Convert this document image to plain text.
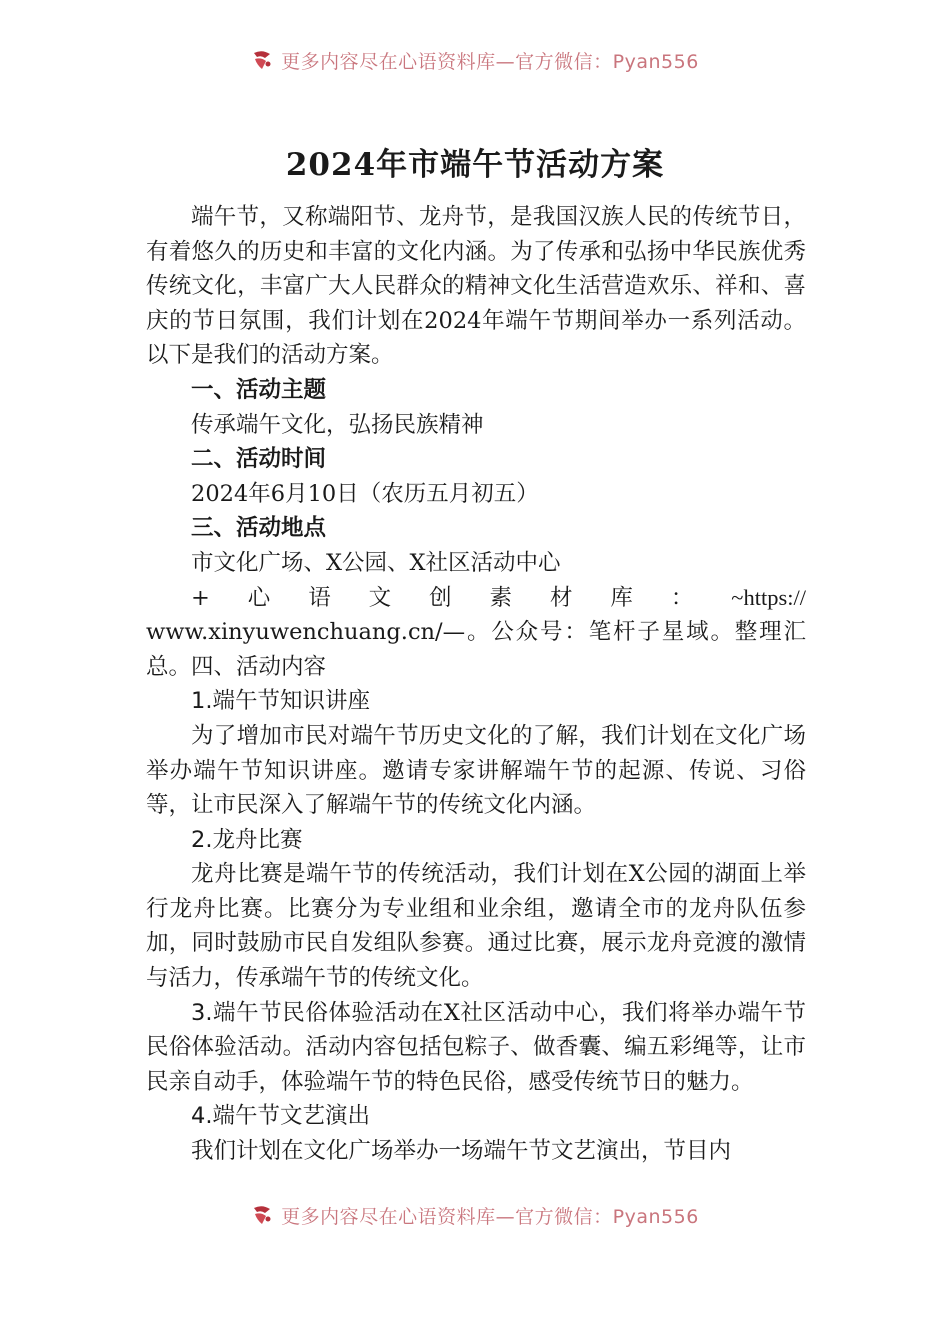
更多内容尽在心语资料库—官方微信：Pyan556
2024年市端午节活动方案

端午节，又称端阳节、龙舟节，是我国汉族人民的传统节日，有着悠久的历史和丰富的文化内涵。为了传承和弘扬中华民族优秀传统文化，丰富广大人民群众的精神文化生活营造欢乐、祥和、喜庆的节日氛围，我们计划在2024年端午节期间举办一系列活动。以下是我们的活动方案。

一、活动主题

传承端午文化，弘扬民族精神

二、活动时间

2024年6月10日（农历五月初五）

三、活动地点

市文化广场、X公园、X社区活动中心

+ 心 语 文 创 素 材 库 ： ~https://

www.xinyuwenchuang.cn/—。公众号：笔杆子星域。整理汇总。四、活动内容

1.端午节知识讲座

为了增加市民对端午节历史文化的了解，我们计划在文化广场举办端午节知识讲座。邀请专家讲解端午节的起源、传说、习俗等，让市民深入了解端午节的传统文化内涵。

2.龙舟比赛

龙舟比赛是端午节的传统活动，我们计划在X公园的湖面上举行龙舟比赛。比赛分为专业组和业余组，邀请全市的龙舟队伍参加，同时鼓励市民自发组队参赛。通过比赛，展示龙舟竞渡的激情与活力，传承端午节的传统文化。

3.端午节民俗体验活动在X社区活动中心，我们将举办端午节民俗体验活动。活动内容包括包粽子、做香囊、编五彩绳等，让市民亲自动手，体验端午节的特色民俗，感受传统节日的魅力。

4.端午节文艺演出

我们计划在文化广场举办一场端午节文艺演出，节目内

更多内容尽在心语资料库—官方微信：Pyan556
